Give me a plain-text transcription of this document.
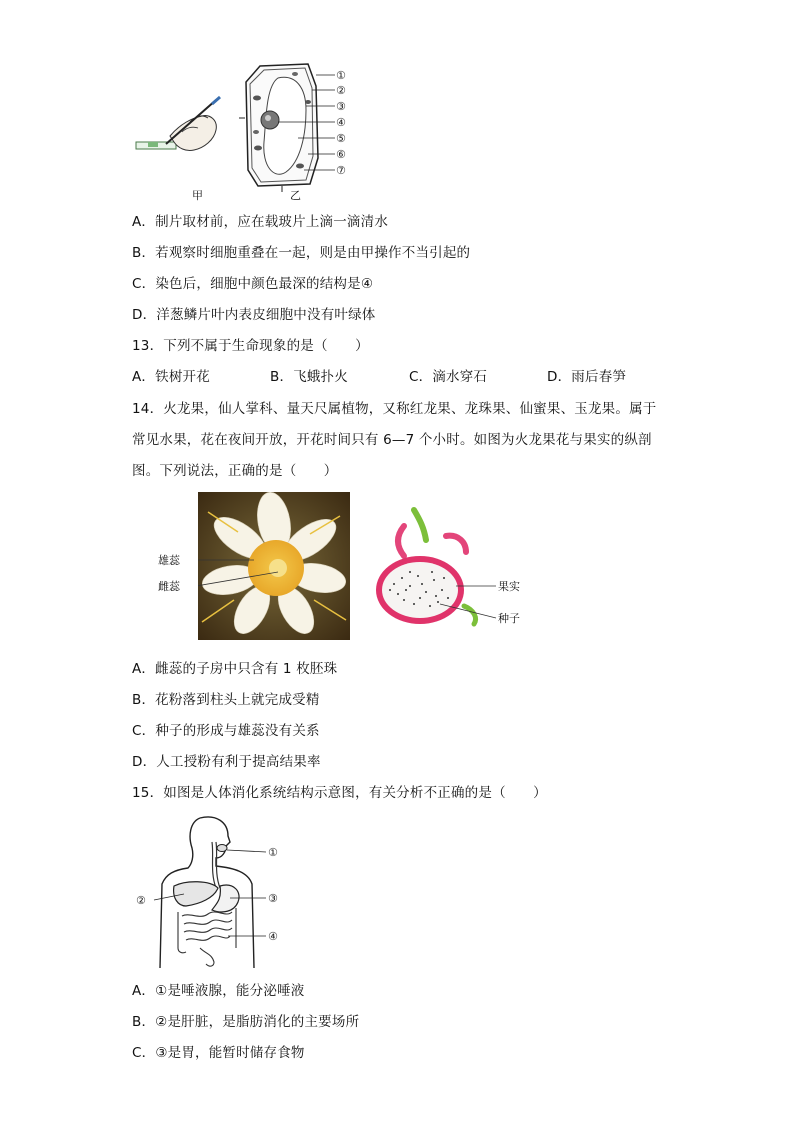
①
②
③
④
⑤
⑥
⑦
甲	乙
A．制片取材前，应在载玻片上滴一滴清水
B．若观察时细胞重叠在一起，则是由甲操作不当引起的
C．染色后，细胞中颜色最深的结构是④
D．洋葱鳞片叶内表皮细胞中没有叶绿体
13．下列不属于生命现象的是（　　）
A．铁树开花	B．飞蛾扑火	C．滴水穿石	D．雨后春笋
14．火龙果，仙人掌科、量天尺属植物，又称红龙果、龙珠果、仙蜜果、玉龙果。属于
常见水果，花在夜间开放，开花时间只有 6—7 个小时。如图为火龙果花与果实的纵剖
图。下列说法，正确的是（　　）
雄蕊
雌蕊	果实
种子
A．雌蕊的子房中只含有 1 枚胚珠
B．花粉落到柱头上就完成受精
C．种子的形成与雄蕊没有关系
D．人工授粉有利于提高结果率
15．如图是人体消化系统结构示意图，有关分析不正确的是（　　）
①
②	③
④
A．①是唾液腺，能分泌唾液
B．②是肝脏，是脂肪消化的主要场所
C．③是胃，能暂时储存食物
